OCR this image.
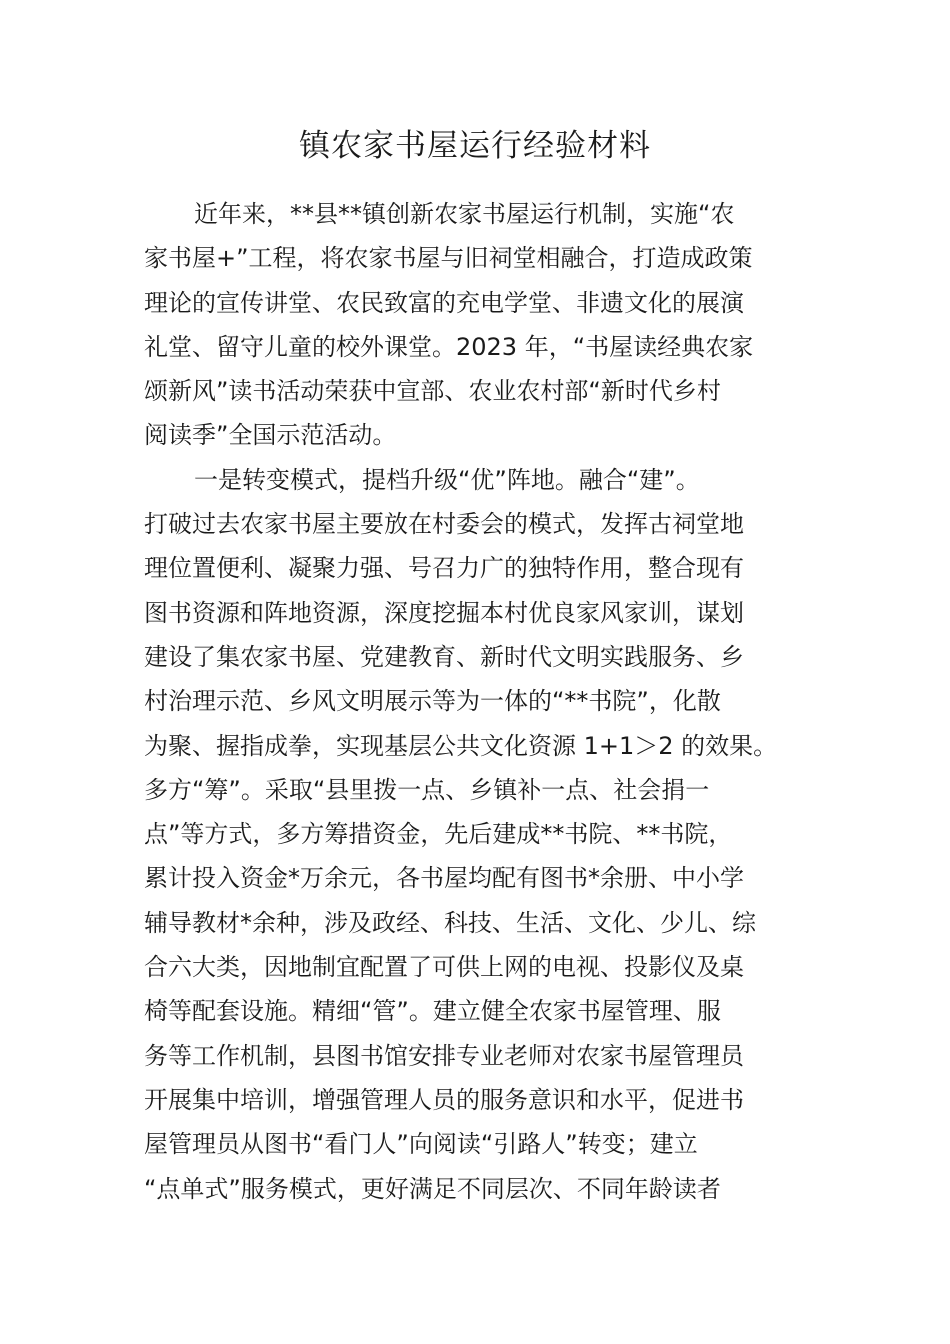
镇农家书屋运行经验材料
近年来，**县**镇创新农家书屋运行机制，实施“农
家书屋+”工程，将农家书屋与旧祠堂相融合，打造成政策
理论的宣传讲堂、农民致富的充电学堂、非遗文化的展演
礼堂、留守儿童的校外课堂。2023 年，“书屋读经典农家
颂新风”读书活动荣获中宣部、农业农村部“新时代乡村
阅读季”全国示范活动。
一是转变模式，提档升级“优”阵地。融合“建”。
打破过去农家书屋主要放在村委会的模式，发挥古祠堂地
理位置便利、凝聚力强、号召力广的独特作用，整合现有
图书资源和阵地资源，深度挖掘本村优良家风家训，谋划
建设了集农家书屋、党建教育、新时代文明实践服务、乡
村治理示范、乡风文明展示等为一体的“**书院”，化散
为聚、握指成拳，实现基层公共文化资源 1+1＞2 的效果。
多方“筹”。采取“县里拨一点、乡镇补一点、社会捐一
点”等方式，多方筹措资金，先后建成**书院、**书院，
累计投入资金*万余元，各书屋均配有图书*余册、中小学
辅导教材*余种，涉及政经、科技、生活、文化、少儿、综
合六大类，因地制宜配置了可供上网的电视、投影仪及桌
椅等配套设施。精细“管”。建立健全农家书屋管理、服
务等工作机制，县图书馆安排专业老师对农家书屋管理员
开展集中培训，增强管理人员的服务意识和水平，促进书
屋管理员从图书“看门人”向阅读“引路人”转变；建立
“点单式”服务模式，更好满足不同层次、不同年龄读者
